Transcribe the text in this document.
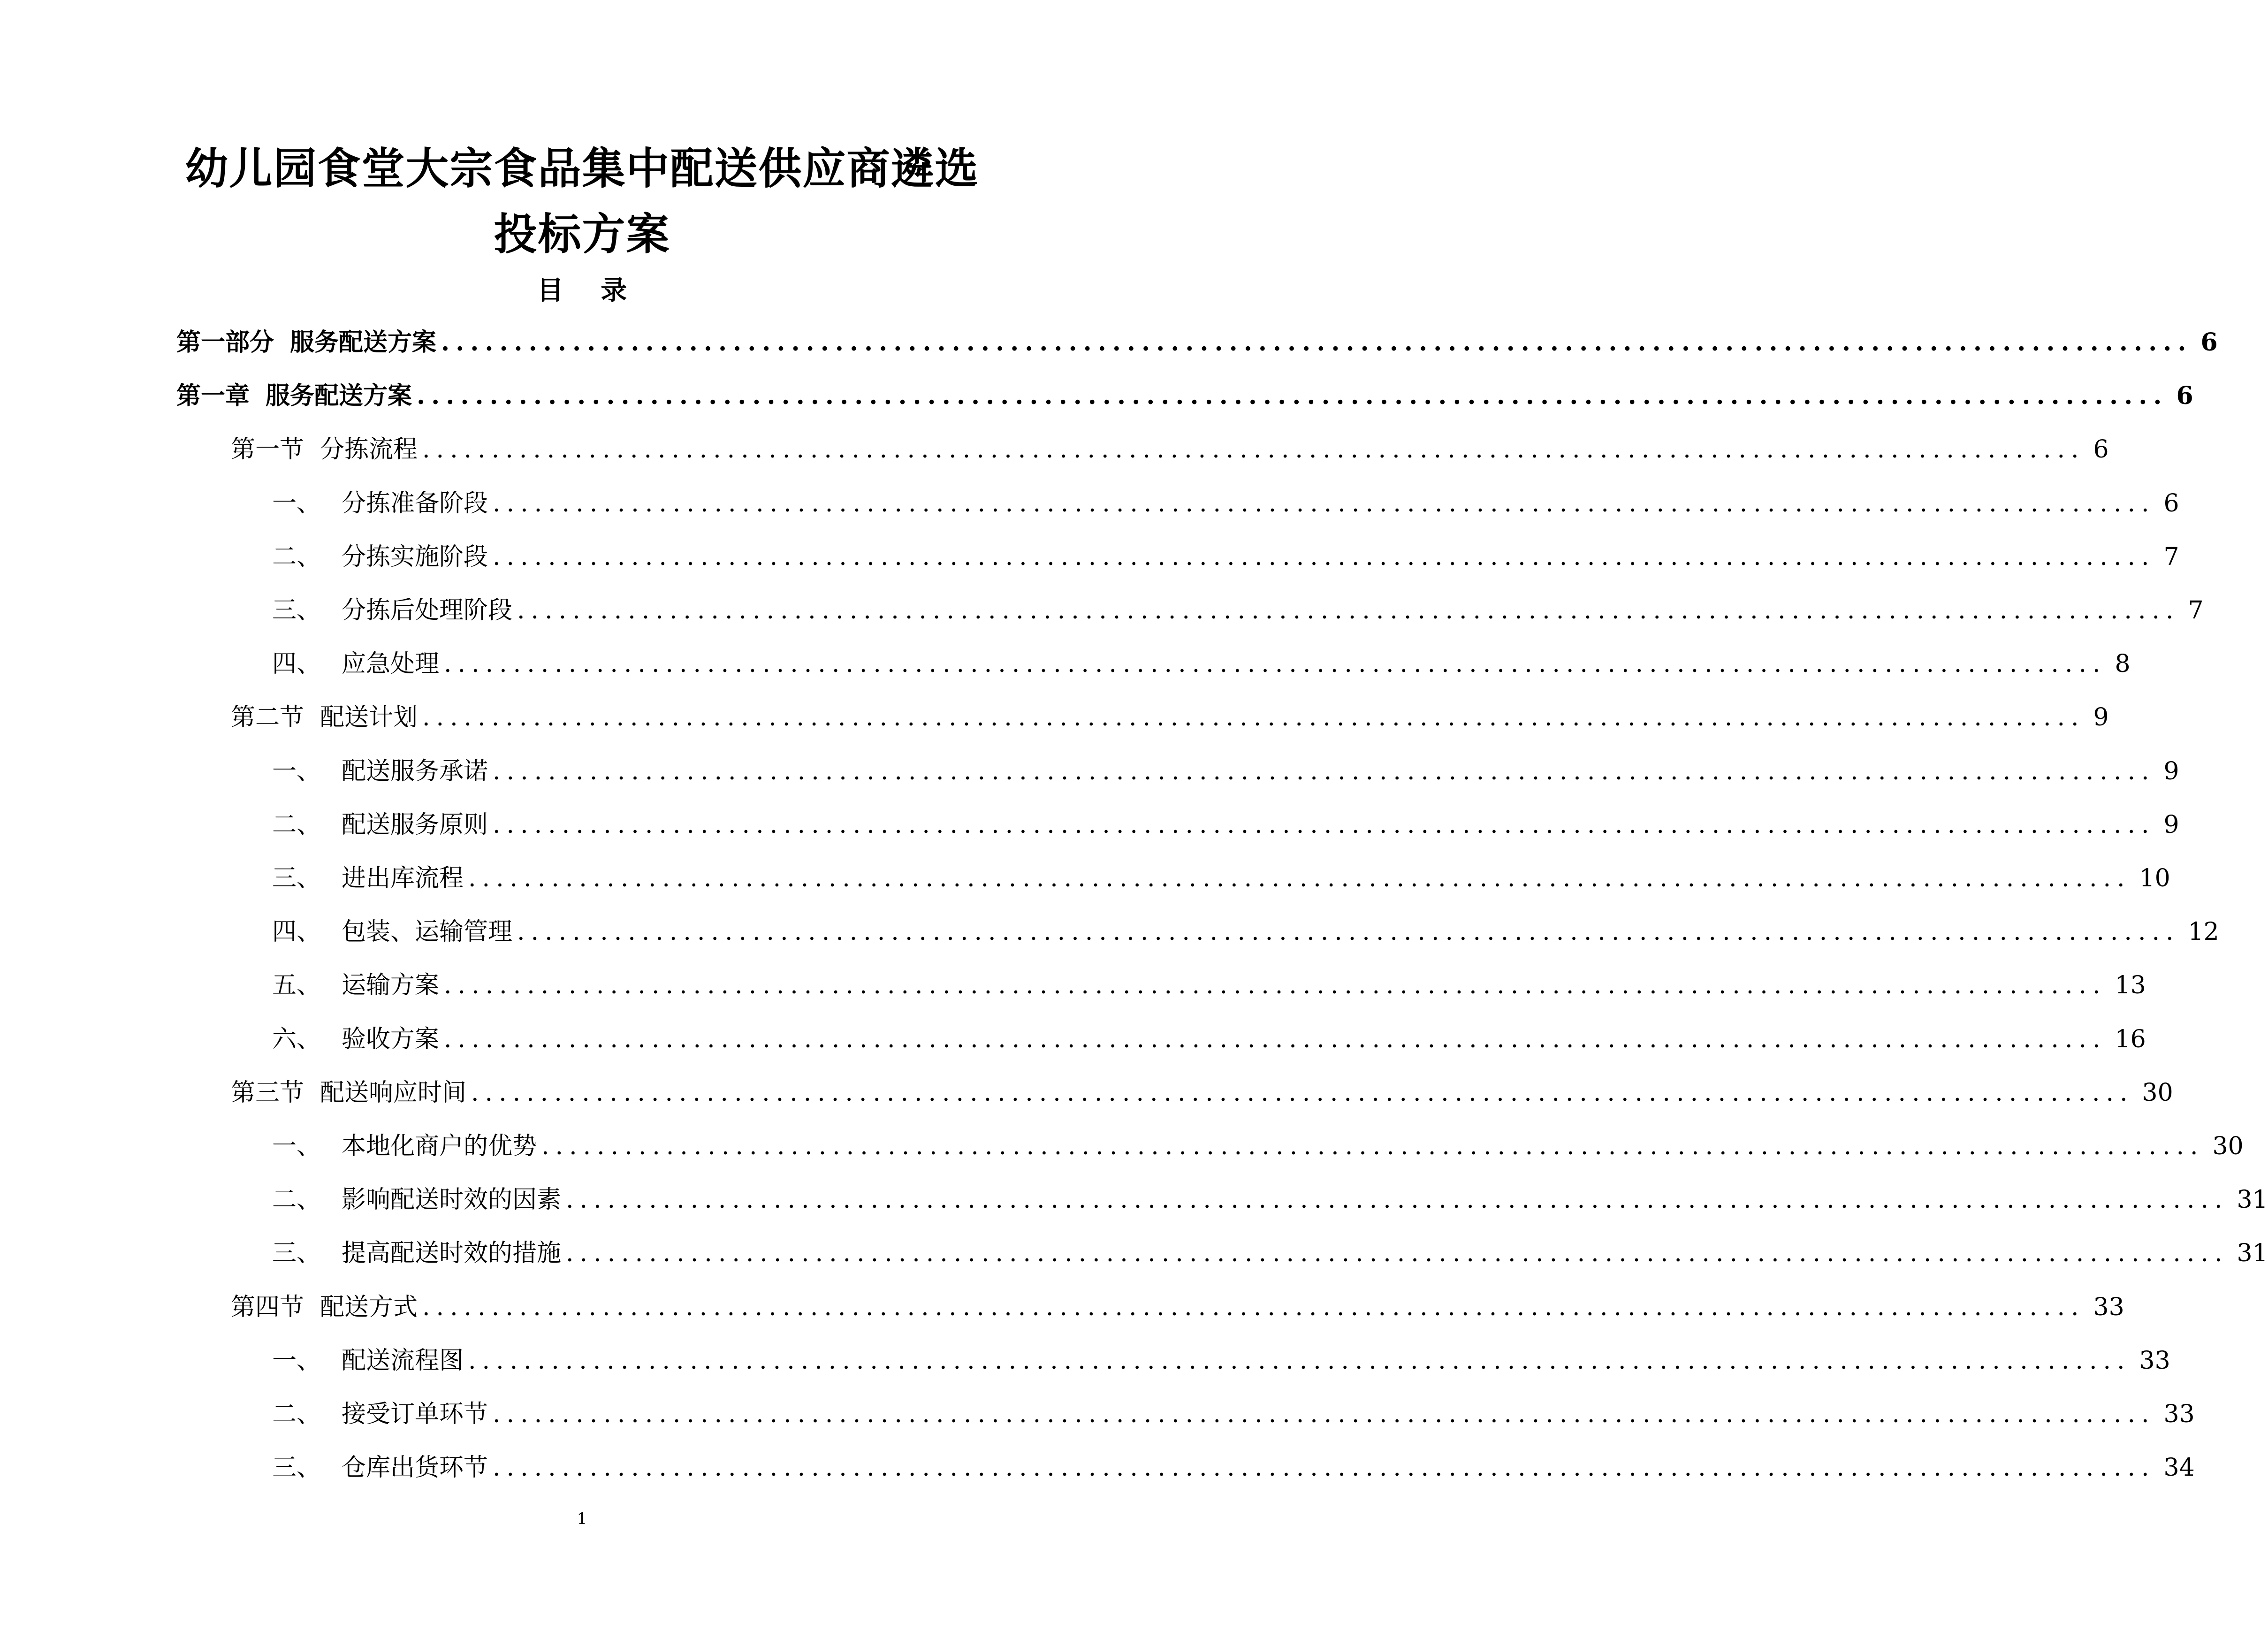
幼儿园食堂大宗食品集中配送供应商遴选
投标方案
目 录
第一部分 服务配送方案 ........................................................................................................................ 6
第一章 服务配送方案 ........................................................................................................................ 6
第一节 分拣流程 ........................................................................................................................ 6
一、 分拣准备阶段 ........................................................................................................................ 6
二、 分拣实施阶段 ........................................................................................................................ 7
三、 分拣后处理阶段 ........................................................................................................................ 7
四、 应急处理 ........................................................................................................................ 8
第二节 配送计划 ........................................................................................................................ 9
一、 配送服务承诺 ........................................................................................................................ 9
二、 配送服务原则 ........................................................................................................................ 9
三、 进出库流程 ........................................................................................................................ 10
四、 包装、运输管理 ........................................................................................................................ 12
五、 运输方案 ........................................................................................................................ 13
六、 验收方案 ........................................................................................................................ 16
第三节 配送响应时间 ........................................................................................................................ 30
一、 本地化商户的优势 ........................................................................................................................ 30
二、 影响配送时效的因素 ........................................................................................................................ 31
三、 提高配送时效的措施 ........................................................................................................................ 31
第四节 配送方式 ........................................................................................................................ 33
一、 配送流程图 ........................................................................................................................ 33
二、 接受订单环节 ........................................................................................................................ 33
三、 仓库出货环节 ........................................................................................................................ 34
1
